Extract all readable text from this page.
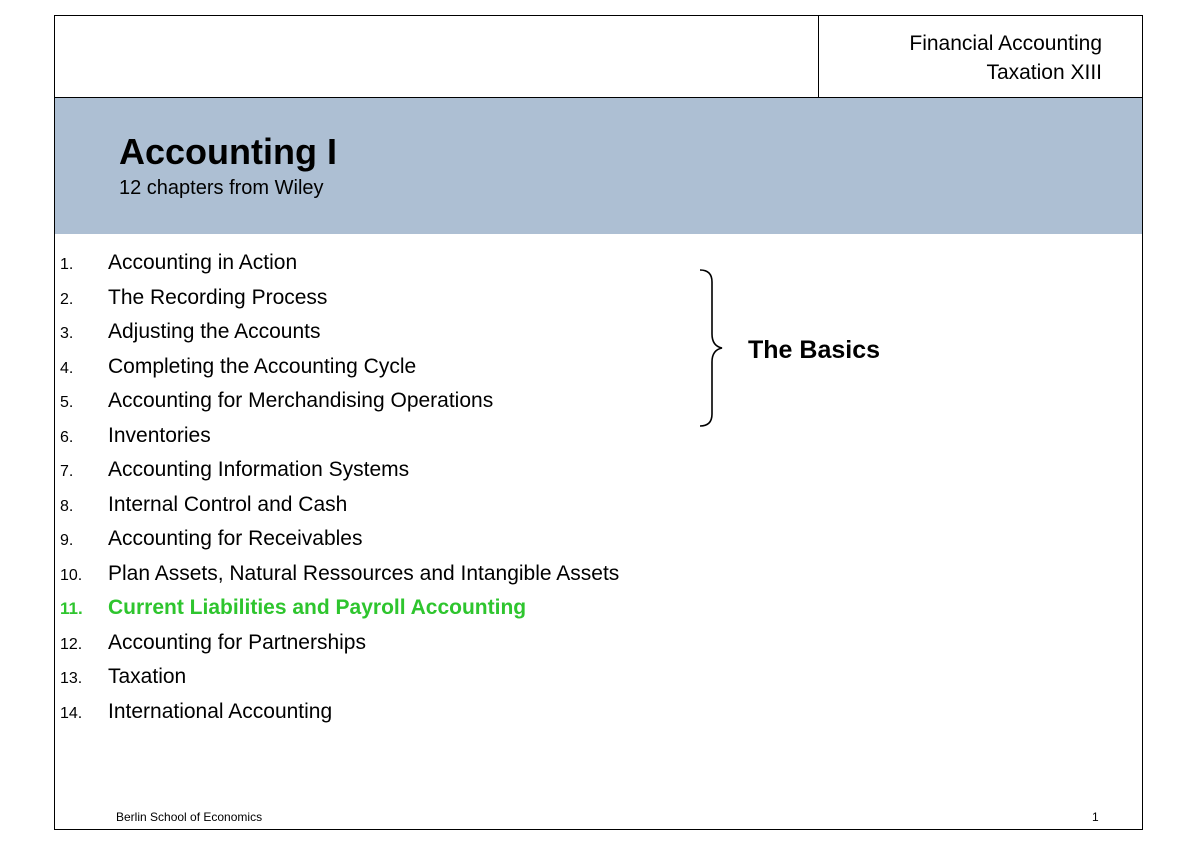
Financial Accounting
Taxation XIII
Accounting I
12 chapters from Wiley
1. Accounting in Action
2. The Recording Process
3. Adjusting the Accounts
4. Completing the Accounting Cycle
5. Accounting for Merchandising Operations
6. Inventories
7. Accounting Information Systems
8. Internal Control and Cash
9. Accounting for Receivables
10. Plan Assets, Natural Ressources and Intangible Assets
11. Current Liabilities and Payroll Accounting
12. Accounting for Partnerships
13. Taxation
14. International Accounting
The Basics
Berlin School of Economics	1
